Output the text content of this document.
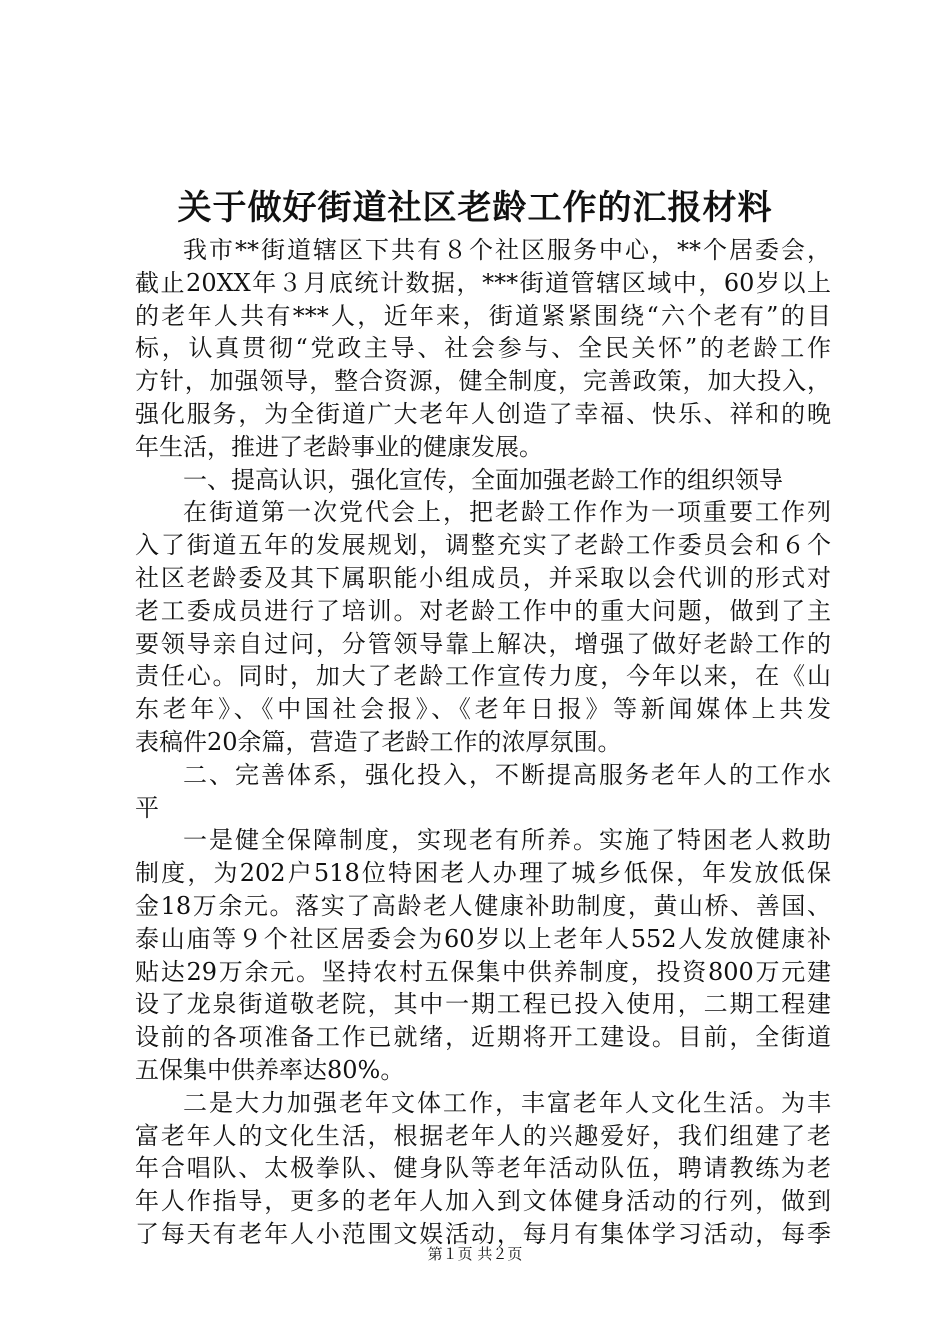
关于做好街道社区老龄工作的汇报材料
我市**街道辖区下共有８个社区服务中心，**个居委会，
截止20XX年３月底统计数据，***街道管辖区域中，60岁以上
的老年人共有***人，近年来，街道紧紧围绕“六个老有”的目
标，认真贯彻“党政主导、社会参与、全民关怀”的老龄工作
方针，加强领导，整合资源，健全制度，完善政策，加大投入，
强化服务，为全街道广大老年人创造了幸福、快乐、祥和的晚
年生活，推进了老龄事业的健康发展。
一、提高认识，强化宣传，全面加强老龄工作的组织领导
在街道第一次党代会上，把老龄工作作为一项重要工作列
入了街道五年的发展规划，调整充实了老龄工作委员会和６个
社区老龄委及其下属职能小组成员，并采取以会代训的形式对
老工委成员进行了培训。对老龄工作中的重大问题，做到了主
要领导亲自过问，分管领导靠上解决，增强了做好老龄工作的
责任心。同时，加大了老龄工作宣传力度，今年以来，在《山
东老年》、《中国社会报》、《老年日报》等新闻媒体上共发
表稿件20余篇，营造了老龄工作的浓厚氛围。
二、完善体系，强化投入，不断提高服务老年人的工作水
平
一是健全保障制度，实现老有所养。实施了特困老人救助
制度，为202户518位特困老人办理了城乡低保，年发放低保
金18万余元。落实了高龄老人健康补助制度，黄山桥、善国、
泰山庙等９个社区居委会为60岁以上老年人552人发放健康补
贴达29万余元。坚持农村五保集中供养制度，投资800万元建
设了龙泉街道敬老院，其中一期工程已投入使用，二期工程建
设前的各项准备工作已就绪，近期将开工建设。目前，全街道
五保集中供养率达80%。
二是大力加强老年文体工作，丰富老年人文化生活。为丰
富老年人的文化生活，根据老年人的兴趣爱好，我们组建了老
年合唱队、太极拳队、健身队等老年活动队伍，聘请教练为老
年人作指导，更多的老年人加入到文体健身活动的行列，做到
了每天有老年人小范围文娱活动，每月有集体学习活动，每季
第１页 共２页
